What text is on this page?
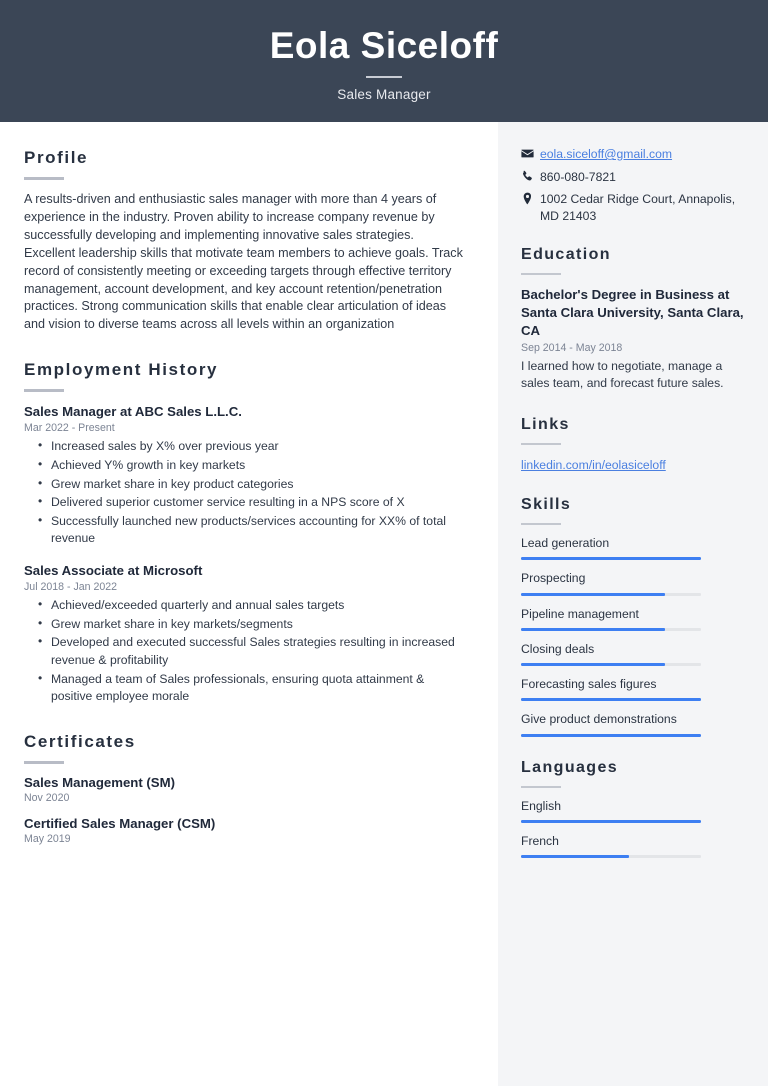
Eola Siceloff
Sales Manager
Profile

A results-driven and enthusiastic sales manager with more than 4 years of experience in the industry. Proven ability to increase company revenue by successfully developing and implementing innovative sales strategies. Excellent leadership skills that motivate team members to achieve goals. Track record of consistently meeting or exceeding targets through effective territory management, account development, and key account retention/penetration practices. Strong communication skills that enable clear articulation of ideas and vision to diverse teams across all levels within an organization

Employment History
Sales Manager at ABC Sales L.L.C.
Mar 2022 - Present
• Increased sales by X% over previous year
• Achieved Y% growth in key markets
• Grew market share in key product categories
• Delivered superior customer service resulting in a NPS score of X
• Successfully launched new products/services accounting for XX% of total revenue
Sales Associate at Microsoft
Jul 2018 - Jan 2022
• Achieved/exceeded quarterly and annual sales targets
• Grew market share in key markets/segments
• Developed and executed successful Sales strategies resulting in increased revenue & profitability
• Managed a team of Sales professionals, ensuring quota attainment & positive employee morale
Certificates
Sales Management (SM)
Nov 2020
Certified Sales Manager (CSM)
May 2019
eola.siceloff@gmail.com
860-080-7821
1002 Cedar Ridge Court, Annapolis, MD 21403
Education
Bachelor's Degree in Business at Santa Clara University, Santa Clara, CA
Sep 2014 - May 2018

I learned how to negotiate, manage a sales team, and forecast future sales.

Links
linkedin.com/in/eolasiceloff
Skills
Lead generation
Prospecting
Pipeline management
Closing deals
Forecasting sales figures
Give product demonstrations
Languages
English
French
